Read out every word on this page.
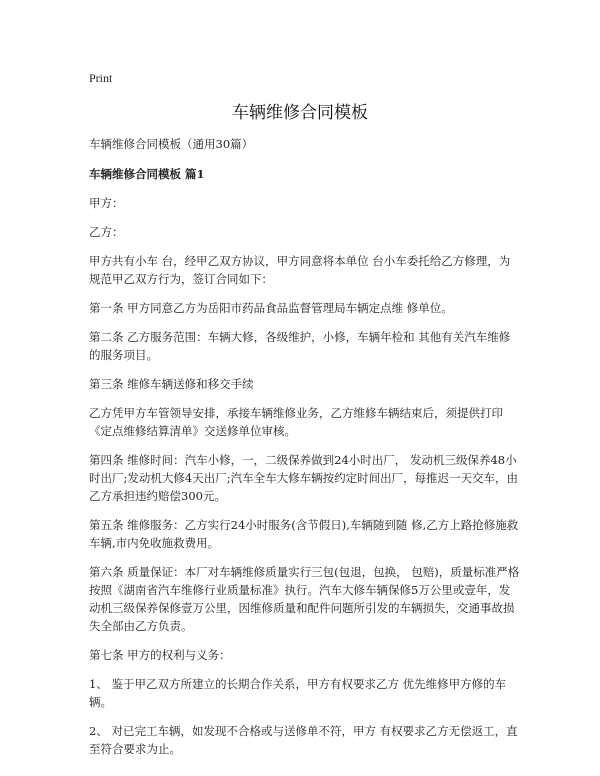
Print
车辆维修合同模板

车辆维修合同模板（通用30篇）

车辆维修合同模板 篇1

甲方：

乙方：

甲方共有小车 台，经甲乙双方协议，甲方同意将本单位 台小车委托给乙方修理，为规范甲乙双方行为，签订合同如下：

第一条 甲方同意乙方为岳阳市药品食品监督管理局车辆定点维 修单位。

第二条 乙方服务范围：车辆大修，各级维护，小修，车辆年检和 其他有关汽车维修的服务项目。

第三条 维修车辆送修和移交手续

乙方凭甲方车管领导安排，承接车辆维修业务，乙方维修车辆结束后，须提供打印《定点维修结算清单》交送修单位审核。

第四条 维修时间：汽车小修，一，二级保养做到24小时出厂， 发动机三级保养48小时出厂;发动机大修4天出厂;汽车全车大修车辆按约定时间出厂，每推迟一天交车，由乙方承担违约赔偿300元。

第五条 维修服务：乙方实行24小时服务(含节假日),车辆随到随 修,乙方上路抢修施救车辆,市内免收施救费用。

第六条 质量保证：本厂对车辆维修质量实行三包(包退，包换， 包赔)，质量标准严格按照《湖南省汽车维修行业质量标准》执行。汽车大修车辆保修5万公里或壹年，发动机三级保养保修壹万公里，因维修质量和配件问题所引发的车辆损失，交通事故损失全部由乙方负责。

第七条 甲方的权利与义务：

1、 鉴于甲乙双方所建立的长期合作关系，甲方有权要求乙方 优先维修甲方修的车辆。

2、 对已完工车辆，如发现不合格或与送修单不符，甲方 有权要求乙方无偿返工，直至符合要求为止。
